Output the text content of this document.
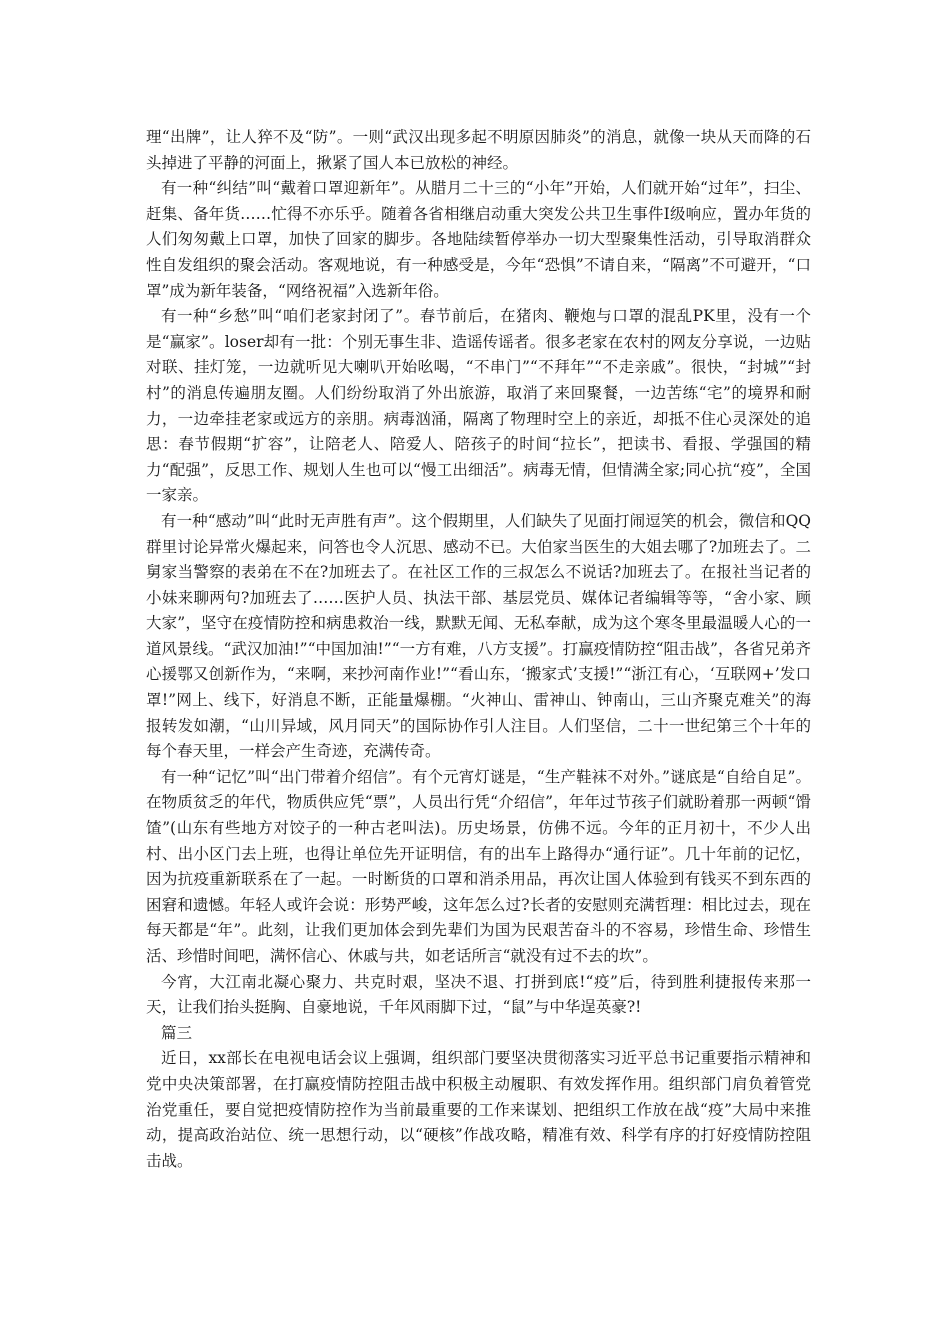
理“出牌”，让人猝不及“防”。一则“武汉出现多起不明原因肺炎”的消息，就像一块从天而降的石头掉进了平静的河面上，揪紧了国人本已放松的神经。

有一种“纠结”叫“戴着口罩迎新年”。从腊月二十三的“小年”开始，人们就开始“过年”，扫尘、赶集、备年货……忙得不亦乐乎。随着各省相继启动重大突发公共卫生事件Ⅰ级响应，置办年货的人们匆匆戴上口罩，加快了回家的脚步。各地陆续暂停举办一切大型聚集性活动，引导取消群众性自发组织的聚会活动。客观地说，有一种感受是，今年“恐惧”不请自来，“隔离”不可避开，“口罩”成为新年装备，“网络祝福”入选新年俗。

有一种“乡愁”叫“咱们老家封闭了”。春节前后，在猪肉、鞭炮与口罩的混乱PK里，没有一个是“赢家”。loser却有一批：个别无事生非、造谣传谣者。很多老家在农村的网友分享说，一边贴对联、挂灯笼，一边就听见大喇叭开始吆喝，“不串门”“不拜年”“不走亲戚”。很快，“封城”“封村”的消息传遍朋友圈。人们纷纷取消了外出旅游，取消了来回聚餐，一边苦练“宅”的境界和耐力，一边牵挂老家或远方的亲朋。病毒汹涌，隔离了物理时空上的亲近，却抵不住心灵深处的追思：春节假期“扩容”，让陪老人、陪爱人、陪孩子的时间“拉长”，把读书、看报、学强国的精力“配强”，反思工作、规划人生也可以“慢工出细活”。病毒无情，但情满全家;同心抗“疫”，全国一家亲。

有一种“感动”叫“此时无声胜有声”。这个假期里，人们缺失了见面打闹逗笑的机会，微信和QQ群里讨论异常火爆起来，问答也令人沉思、感动不已。大伯家当医生的大姐去哪了?加班去了。二舅家当警察的表弟在不在?加班去了。在社区工作的三叔怎么不说话?加班去了。在报社当记者的小妹来聊两句?加班去了……医护人员、执法干部、基层党员、媒体记者编辑等等，“舍小家、顾大家”，坚守在疫情防控和病患救治一线，默默无闻、无私奉献，成为这个寒冬里最温暖人心的一道风景线。“武汉加油!”“中国加油!”“一方有难，八方支援”。打赢疫情防控“阻击战”，各省兄弟齐心援鄂又创新作为，“来啊，来抄河南作业!”“看山东，‘搬家式’支援!”“浙江有心，‘互联网+’发口罩!”网上、线下，好消息不断，正能量爆棚。“火神山、雷神山、钟南山，三山齐聚克难关”的海报转发如潮，“山川异域，风月同天”的国际协作引人注目。人们坚信，二十一世纪第三个十年的每个春天里，一样会产生奇迹，充满传奇。

有一种“记忆”叫“出门带着介绍信”。有个元宵灯谜是，“生产鞋袜不对外。”谜底是“自给自足”。在物质贫乏的年代，物质供应凭“票”，人员出行凭“介绍信”，年年过节孩子们就盼着那一两顿“馉馇”(山东有些地方对饺子的一种古老叫法)。历史场景，仿佛不远。今年的正月初十，不少人出村、出小区门去上班，也得让单位先开证明信，有的出车上路得办“通行证”。几十年前的记忆，因为抗疫重新联系在了一起。一时断货的口罩和消杀用品，再次让国人体验到有钱买不到东西的困窘和遗憾。年轻人或许会说：形势严峻，这年怎么过?长者的安慰则充满哲理：相比过去，现在每天都是“年”。此刻，让我们更加体会到先辈们为国为民艰苦奋斗的不容易，珍惜生命、珍惜生活、珍惜时间吧，满怀信心、休戚与共，如老话所言“就没有过不去的坎”。

今宵，大江南北凝心聚力、共克时艰，坚决不退、打拼到底!“疫”后，待到胜利捷报传来那一天，让我们抬头挺胸、自豪地说，千年风雨脚下过，“鼠”与中华逞英豪?!

篇三

近日，xx部长在电视电话会议上强调，组织部门要坚决贯彻落实习近平总书记重要指示精神和党中央决策部署，在打赢疫情防控阻击战中积极主动履职、有效发挥作用。组织部门肩负着管党治党重任，要自觉把疫情防控作为当前最重要的工作来谋划、把组织工作放在战“疫”大局中来推动，提高政治站位、统一思想行动，以“硬核”作战攻略，精准有效、科学有序的打好疫情防控阻击战。
